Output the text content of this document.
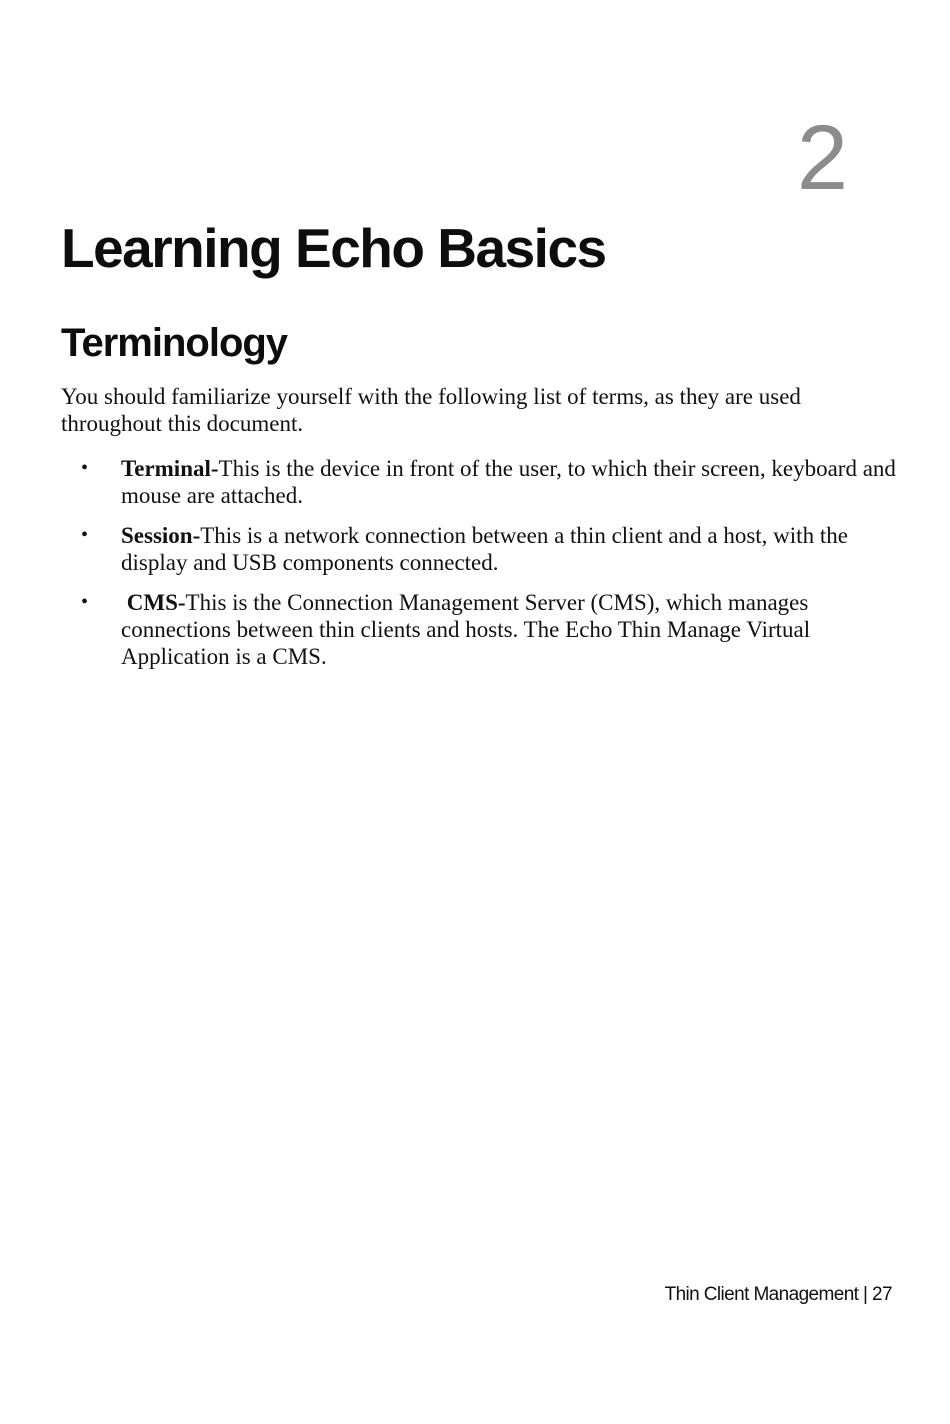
2
Learning Echo Basics
Terminology

You should familiarize yourself with the following list of terms, as they are used throughout this document.

• Terminal-This is the device in front of the user, to which their screen, keyboard and mouse are attached.
• Session-This is a network connection between a thin client and a host, with the display and USB components connected.
• CMS-This is the Connection Management Server (CMS), which manages connections between thin clients and hosts. The Echo Thin Manage Virtual Application is a CMS.
Thin Client Management | 27
